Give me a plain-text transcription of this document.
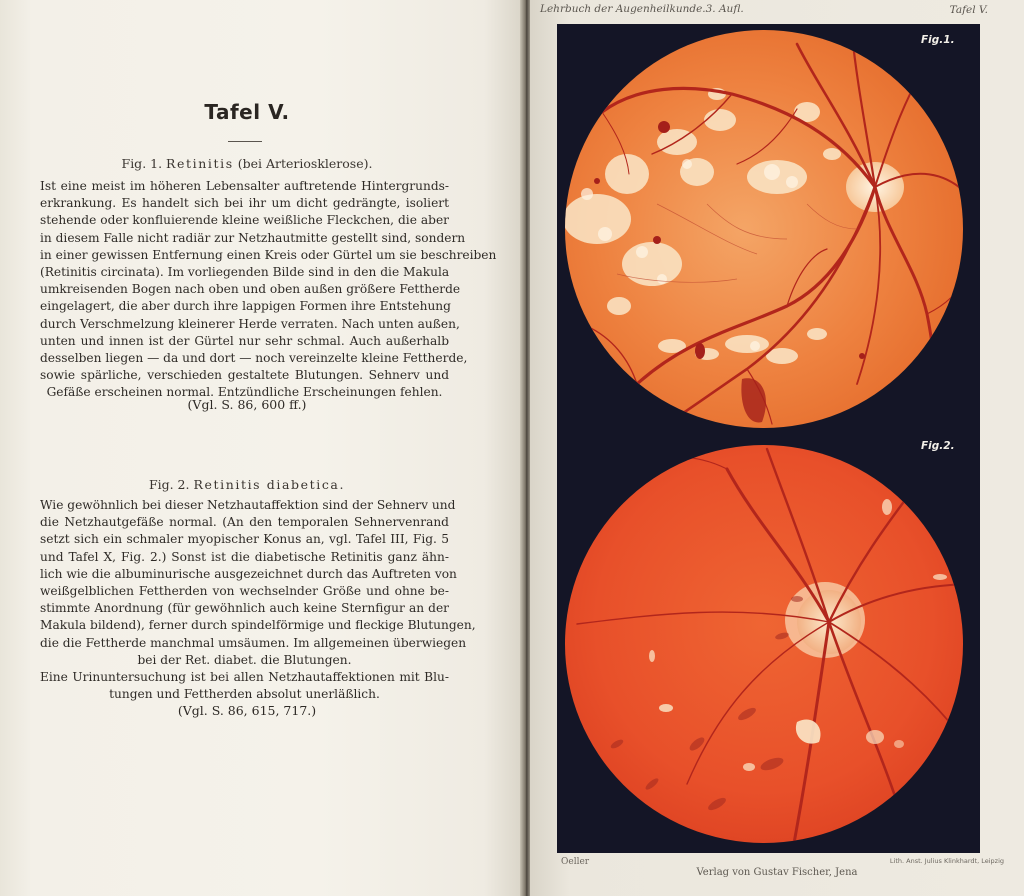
Tafel V.
Fig. 1. Retinitis (bei Arteriosklerose).
Ist eine meist im höheren Lebensalter auftretende Hintergrunds-
erkrankung. Es handelt sich bei ihr um dicht gedrängte, isoliert
stehende oder konfluierende kleine weißliche Fleckchen, die aber
in diesem Falle nicht radiär zur Netzhautmitte gestellt sind, sondern
in einer gewissen Entfernung einen Kreis oder Gürtel um sie beschreiben
(Retinitis circinata). Im vorliegenden Bilde sind in den die Makula
umkreisenden Bogen nach oben und oben außen größere Fettherde
eingelagert, die aber durch ihre lappigen Formen ihre Entstehung
durch Verschmelzung kleinerer Herde verraten. Nach unten außen,
unten und innen ist der Gürtel nur sehr schmal. Auch außerhalb
desselben liegen — da und dort — noch vereinzelte kleine Fettherde,
sowie spärliche, verschieden gestaltete Blutungen. Sehnerv und
Gefäße erscheinen normal. Entzündliche Erscheinungen fehlen.
(Vgl. S. 86, 600 ff.)
Fig. 2. Retinitis diabetica.
Wie gewöhnlich bei dieser Netzhautaffektion sind der Sehnerv und
die Netzhautgefäße normal. (An den temporalen Sehnervenrand
setzt sich ein schmaler myopischer Konus an, vgl. Tafel III, Fig. 5
und Tafel X, Fig. 2.) Sonst ist die diabetische Retinitis ganz ähn-
lich wie die albuminurische ausgezeichnet durch das Auftreten von
weißgelblichen Fettherden von wechselnder Größe und ohne be-
stimmte Anordnung (für gewöhnlich auch keine Sternfigur an der
Makula bildend), ferner durch spindelförmige und fleckige Blutungen,
die die Fettherde manchmal umsäumen. Im allgemeinen überwiegen
bei der Ret. diabet. die Blutungen.
Eine Urinuntersuchung ist bei allen Netzhautaffektionen mit Blu-
tungen und Fettherden absolut unerläßlich.
(Vgl. S. 86, 615, 717.)
Lehrbuch der Augenheilkunde.3. Aufl.	Tafel V.
Fig.1.
Fig.2.
Oeller
Verlag von Gustav Fischer, Jena
Lith. Anst. Julius Klinkhardt, Leipzig
